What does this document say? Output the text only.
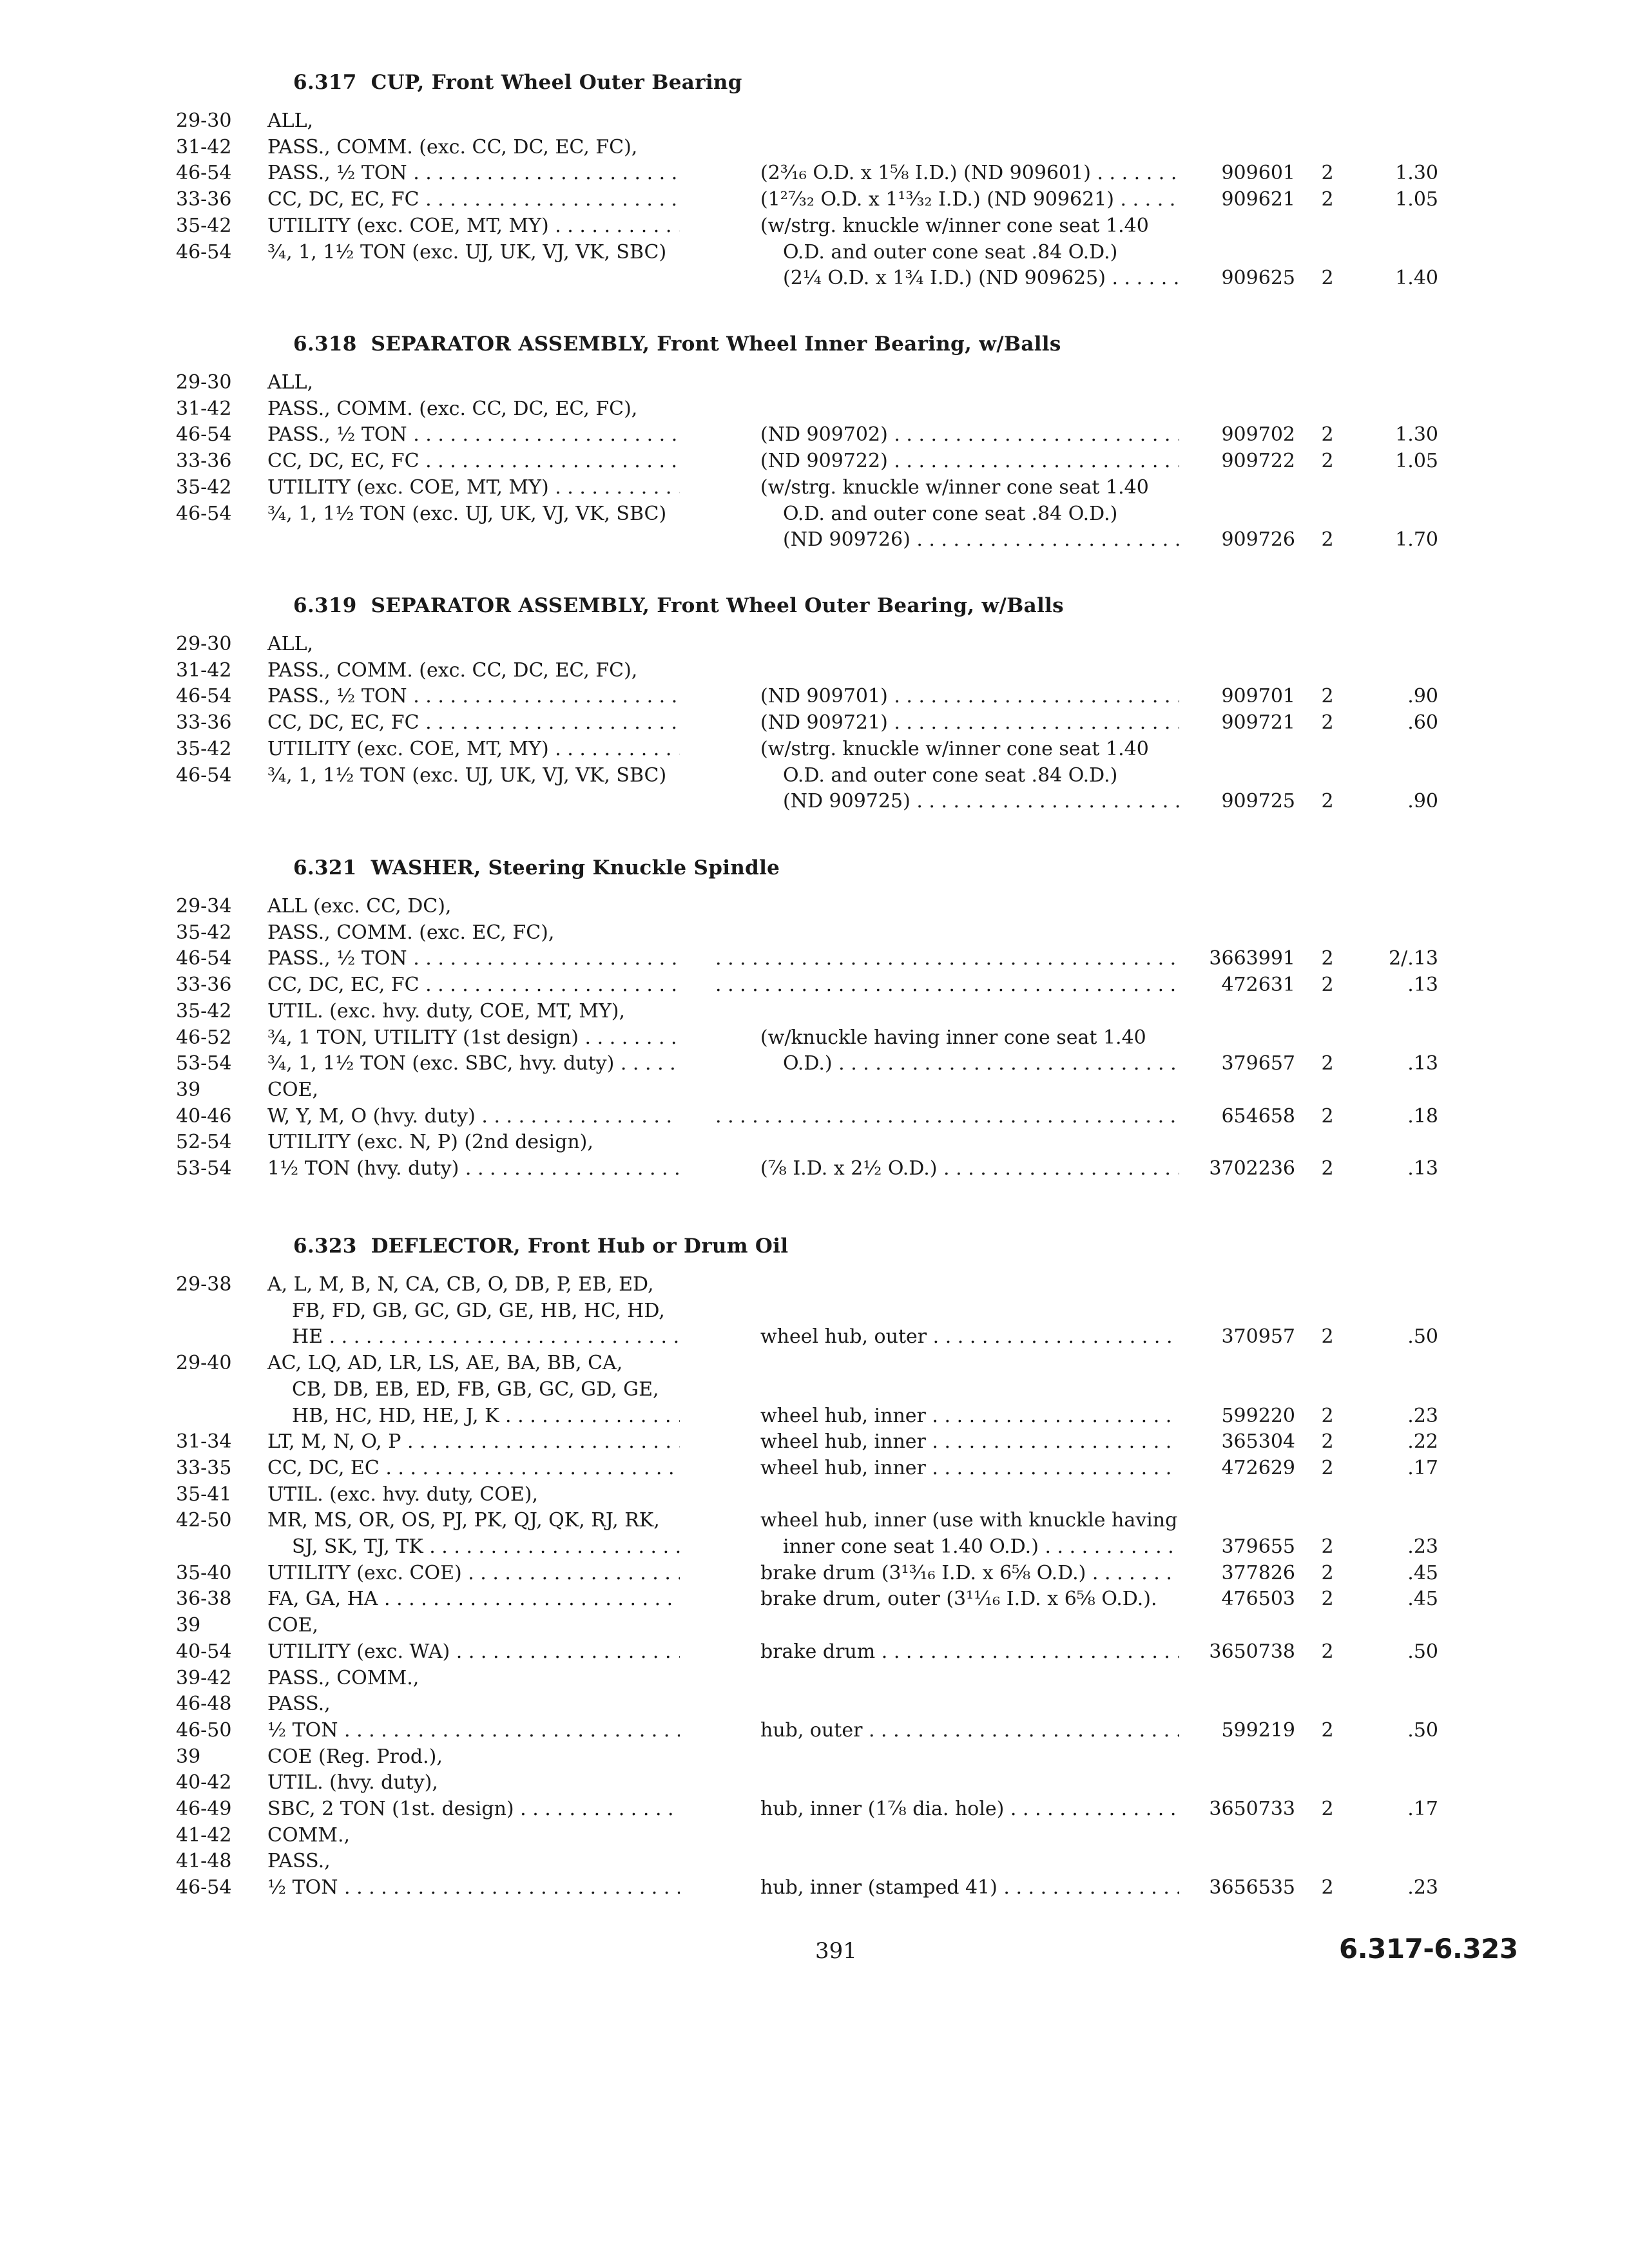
6.317 CUP, Front Wheel Outer Bearing
29-30 ALL,
31-42 PASS., COMM. (exc. CC, DC, EC, FC),
46-54 PASS., ½ TON . . .	(2³⁄₁₆ O.D. x 1⁵⁄₈ I.D.) (ND 909601) . . .	909601	2	1.30
33-36 CC, DC, EC, FC . . .	(1²⁷⁄₃₂ O.D. x 1¹³⁄₃₂ I.D.) (ND 909621) . . .	909621	2	1.05
35-42 UTILITY (exc. COE, MT, MY) . . .	(w/strg. knuckle w/inner cone seat 1.40
46-54 ¾, 1, 1½ TON (exc. UJ, UK, VJ, VK, SBC)	O.D. and outer cone seat .84 O.D.)
(2¼ O.D. x 1¾ I.D.) (ND 909625) . . .	909625	2	1.40
6.318 SEPARATOR ASSEMBLY, Front Wheel Inner Bearing, w/Balls
29-30 ALL,
31-42 PASS., COMM. (exc. CC, DC, EC, FC),
46-54 PASS., ½ TON . . .	(ND 909702) . . .	909702	2	1.30
33-36 CC, DC, EC, FC . . .	(ND 909722) . . .	909722	2	1.05
35-42 UTILITY (exc. COE, MT, MY) . . .	(w/strg. knuckle w/inner cone seat 1.40
46-54 ¾, 1, 1½ TON (exc. UJ, UK, VJ, VK, SBC)	O.D. and outer cone seat .84 O.D.)
(ND 909726) . . .	909726	2	1.70
6.319 SEPARATOR ASSEMBLY, Front Wheel Outer Bearing, w/Balls
29-30 ALL,
31-42 PASS., COMM. (exc. CC, DC, EC, FC),
46-54 PASS., ½ TON . . .	(ND 909701) . . .	909701	2	.90
33-36 CC, DC, EC, FC . . .	(ND 909721) . . .	909721	2	.60
35-42 UTILITY (exc. COE, MT, MY) . . .	(w/strg. knuckle w/inner cone seat 1.40
46-54 ¾, 1, 1½ TON (exc. UJ, UK, VJ, VK, SBC)	O.D. and outer cone seat .84 O.D.)
(ND 909725) . . .	909725	2	.90
6.321 WASHER, Steering Knuckle Spindle
29-34 ALL (exc. CC, DC),
35-42 PASS., COMM. (exc. EC, FC),
46-54 PASS., ½ TON . . . . . .	3663991	2	2/.13
33-36 CC, DC, EC, FC . . . . . .	472631	2	.13
35-42 UTIL. (exc. hvy. duty, COE, MT, MY),
46-52 ¾, 1 TON, UTILITY (1st design) . . .	(w/knuckle having inner cone seat 1.40
53-54 ¾, 1, 1½ TON (exc. SBC, hvy. duty) . . .	O.D.) . . .	379657	2	.13
39	COE,
40-46 W, Y, M, O (hvy. duty) . . . . . .	654658	2	.18
52-54 UTILITY (exc. N, P) (2nd design),
53-54 1½ TON (hvy. duty) . . .	(⅞ I.D. x 2½ O.D.) . . .	3702236	2	.13
6.323 DEFLECTOR, Front Hub or Drum Oil
29-38 A, L, M, B, N, CA, CB, O, DB, P, EB, ED,
FB, FD, GB, GC, GD, GE, HB, HC, HD,
HE . . .	wheel hub, outer . . .	370957	2	.50
29-40 AC, LQ, AD, LR, LS, AE, BA, BB, CA,
CB, DB, EB, ED, FB, GB, GC, GD, GE,
HB, HC, HD, HE, J, K . . .	wheel hub, inner . . .	599220	2	.23
31-34 LT, M, N, O, P . . .	wheel hub, inner . . .	365304	2	.22
33-35 CC, DC, EC . . .	wheel hub, inner . . .	472629	2	.17
35-41 UTIL. (exc. hvy. duty, COE),
42-50 MR, MS, OR, OS, PJ, PK, QJ, QK, RJ, RK,	wheel hub, inner (use with knuckle having
SJ, SK, TJ, TK . . .	inner cone seat 1.40 O.D.) . . .	379655	2	.23
35-40 UTILITY (exc. COE) . . .	brake drum (3¹³⁄₁₆ I.D. x 6⅝ O.D.) . . .	377826	2	.45
36-38 FA, GA, HA . . .	brake drum, outer (3¹¹⁄₁₆ I.D. x 6⅝ O.D.).	476503	2	.45
39	COE,
40-54 UTILITY (exc. WA) . . .	brake drum . . .	3650738	2	.50
39-42 PASS., COMM.,
46-48 PASS.,
46-50 ½ TON . . .	hub, outer . . .	599219	2	.50
39	COE (Reg. Prod.),
40-42 UTIL. (hvy. duty),
46-49 SBC, 2 TON (1st. design) . . .	hub, inner (1⅞ dia. hole) . . .	3650733	2	.17
41-42 COMM.,
41-48 PASS.,
46-54 ½ TON . . .	hub, inner (stamped 41) . . .	3656535	2	.23
391	6.317-6.323
